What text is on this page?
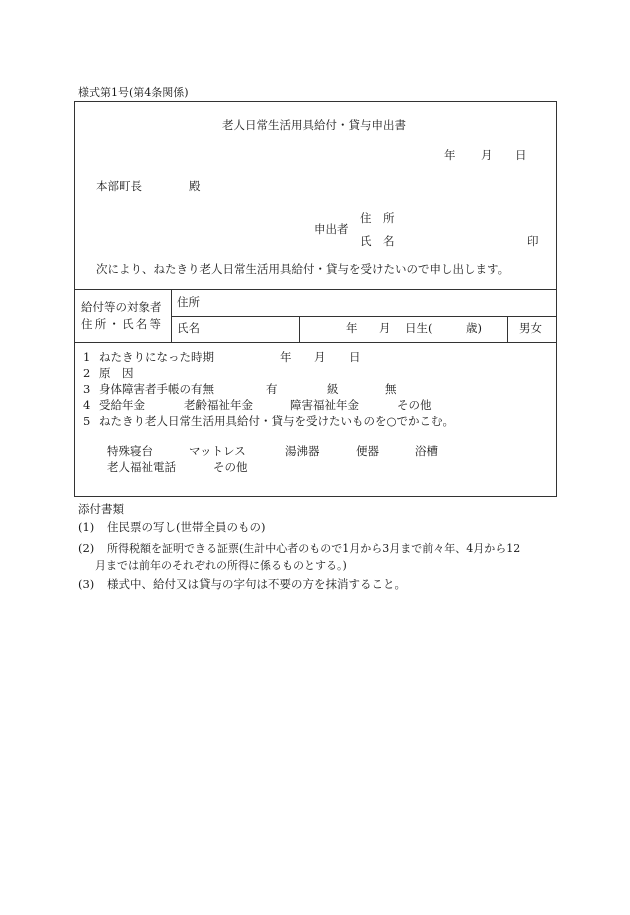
様式第1号(第4条関係)
老人日常生活用具給付・貸与申出書
年 月 日
本部町長	殿
申出者
住　所
氏　名	印
次により、ねたきり老人日常生活用具給付・貸与を受けたいので申し出します。
給付等の対象者
住所・氏名等
住所
氏名	年 月 日生(	歳)	男女
1 ねたきりになった時期	年 月 日
2 原　因
3 身体障害者手帳の有無	有	級	無
4 受給年金	老齢福祉年金	障害福祉年金	その他
5 ねたきり老人日常生活用具給付・貸与を受けたいものを○でかこむ。
特殊寝台	マットレス	湯沸器	便器	浴槽
老人福祉電話	その他
添付書類
(1) 住民票の写し(世帯全員のもの)
(2) 所得税額を証明できる証票(生計中心者のもので1月から3月まで前々年、4月から12
月までは前年のそれぞれの所得に係るものとする。)
(3) 様式中、給付又は貸与の字句は不要の方を抹消すること。
